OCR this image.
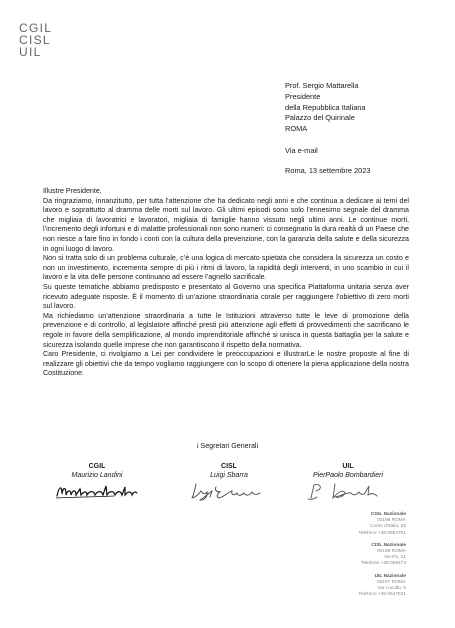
CGIL
CISL
UIL
Prof. Sergio Mattarella
Presidente
della Repubblica Italiana
Palazzo del Quirinale
ROMA
Via e-mail
Roma, 13 settembre 2023

Illustre Presidente,

Da ringraziamo, innanzitutto, per tutta l’attenzione che ha dedicato negli anni e che continua a dedicare ai temi del lavoro e soprattutto al dramma delle morti sul lavoro. Gli ultimi episodi sono solo l’ennesimo segnale del dramma che migliaia di lavoratrici e lavoratori, migliaia di famiglie hanno vissuto negli ultimi anni. Le continue morti, l’incremento degli infortuni e di malattie professionali non sono numeri: ci consegnano la dura realtà di un Paese che non riesce a fare fino in fondo i conti con la cultura della prevenzione, con la garanzia della salute e della sicurezza in ogni luogo di lavoro.

Non si tratta solo di un problema culturale, c’è una logica di mercato spietata che considera la sicurezza un costo e non un investimento, incrementa sempre di più i ritmi di lavoro, la rapidità degli interventi, in uno scambio in cui il lavoro e la vita delle persone continuano ad essere l’agnello sacrificale.

Su queste tematiche abbiamo predisposto e presentato al Governo una specifica Piattaforma unitaria senza aver ricevuto adeguate risposte. È il momento di un’azione straordinaria corale per raggiungere l’obiettivo di zero morti sul lavoro.

Ma richiediamo un’attenzione straordinaria a tutte le Istituzioni attraverso tutte le leve di promozione della prevenzione e di controllo, al legislatore affinché presti più attenzione agli effetti di provvedimenti che sacrificano le regole in favore della semplificazione, al mondo imprenditoriale affinché si unisca in questa battaglia per la salute e sicurezza isolando quelle imprese che non garantiscono il rispetto della normativa.

Caro Presidente, ci rivolgiamo a Lei per condividere le preoccupazioni e illustrarLe le nostre proposte al fine di realizzare gli obiettivi che da tempo vogliamo raggiungere con lo scopo di ottenere la piena applicazione della nostra Costituzione.

i Segretari Generali
CGIL
Maurizio Landini
CISL
Luigi Sbarra
UIL
PierPaolo Bombardieri
CGIL Nazionale
00198 ROMA
Corso d’Italia, 25
Telefono +39 0684761
CISL Nazionale
00198 ROMA
Via Po, 21
Telefono +39 068473
UIL Nazionale
00187 ROMA
Via Lucullo, 6
Telefono +39 0647531
